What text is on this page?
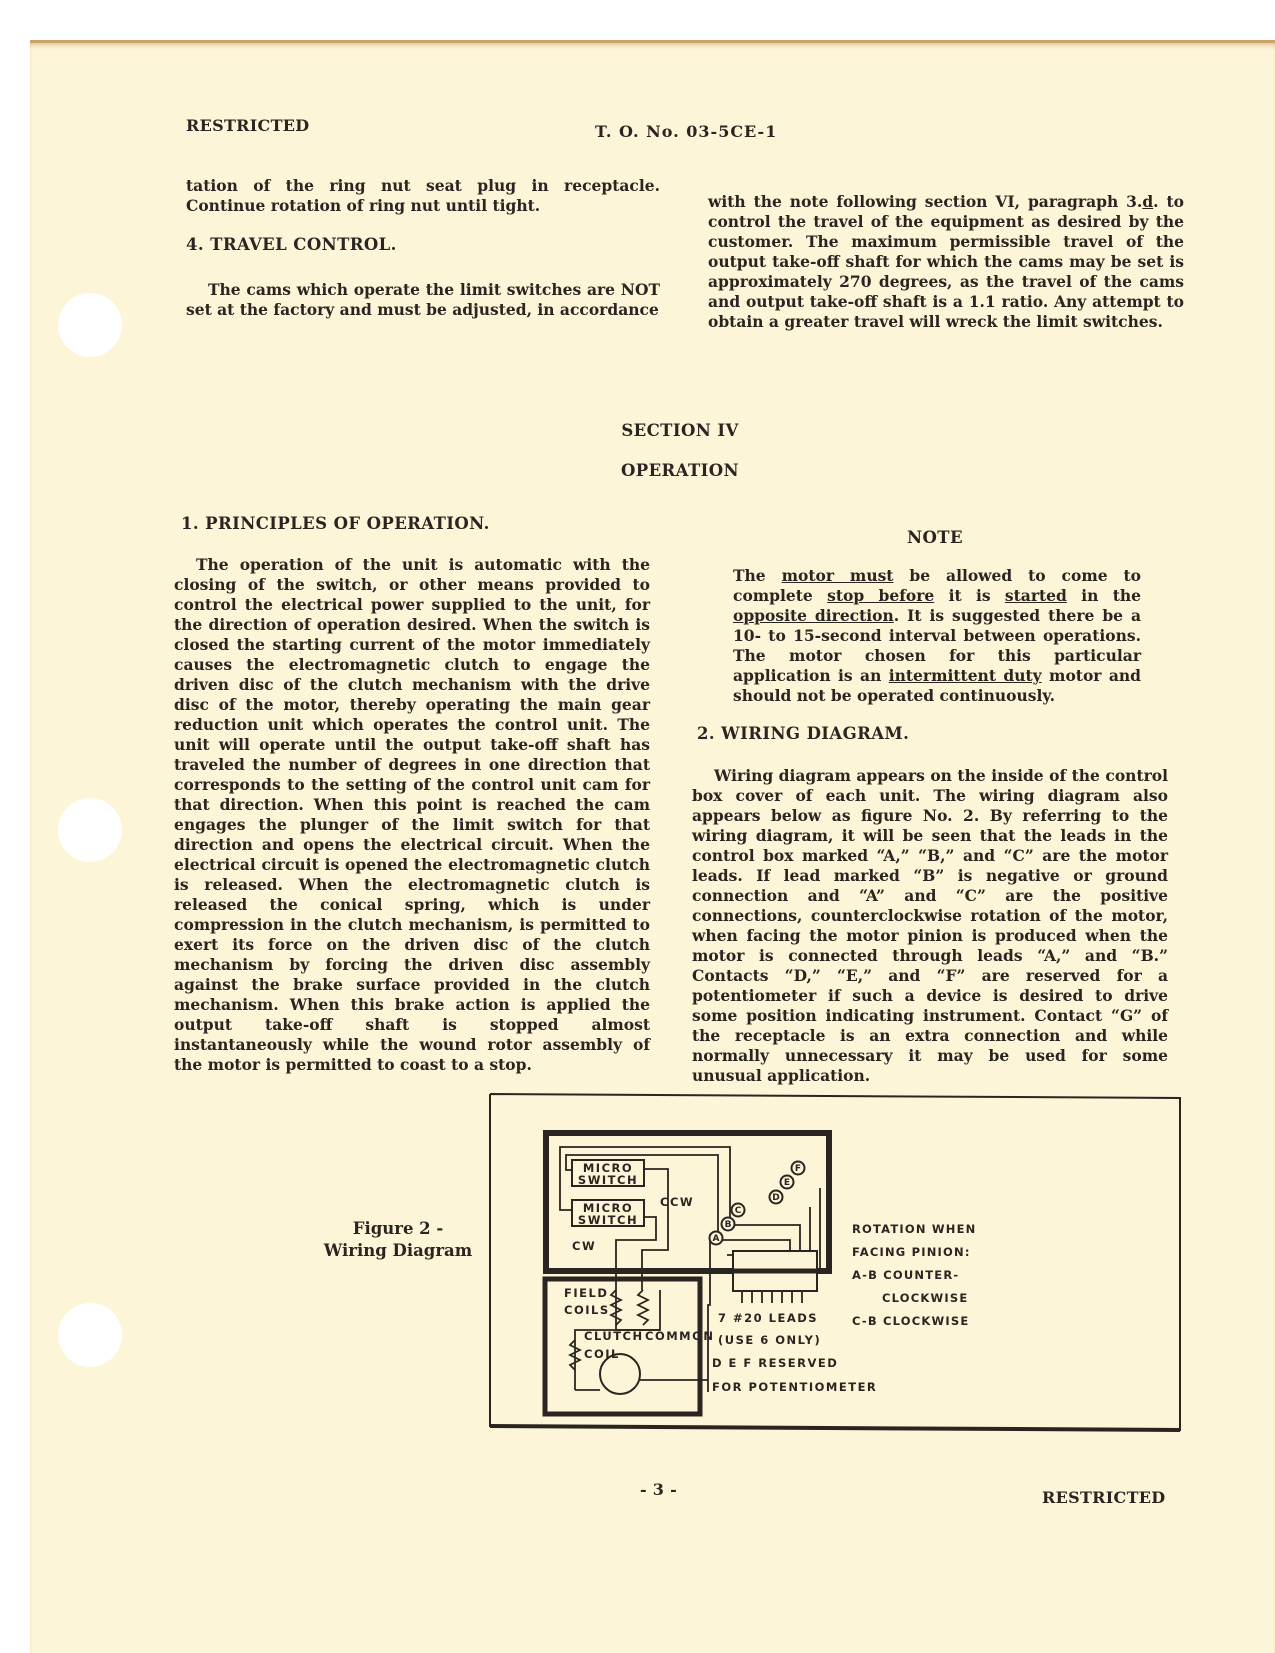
RESTRICTED	T. O. No. 03-5CE-1
tation of the ring nut seat plug in receptacle. Continue rotation of ring nut until tight.
4. TRAVEL CONTROL.
The cams which operate the limit switches are NOT set at the factory and must be adjusted, in accordance
with the note following section VI, paragraph 3.d. to control the travel of the equipment as desired by the customer. The maximum permissible travel of the output take-off shaft for which the cams may be set is approximately 270 degrees, as the travel of the cams and output take-off shaft is a 1.1 ratio. Any attempt to obtain a greater travel will wreck the limit switches.
SECTION IV
OPERATION
1. PRINCIPLES OF OPERATION.
The operation of the unit is automatic with the closing of the switch, or other means provided to control the electrical power supplied to the unit, for the direction of operation desired. When the switch is closed the starting current of the motor immediately causes the electromagnetic clutch to engage the driven disc of the clutch mechanism with the drive disc of the motor, thereby operating the main gear reduction unit which operates the control unit. The unit will operate until the output take-off shaft has traveled the number of degrees in one direction that corresponds to the setting of the control unit cam for that direction. When this point is reached the cam engages the plunger of the limit switch for that direction and opens the electrical circuit. When the electrical circuit is opened the electromagnetic clutch is released. When the electromagnetic clutch is released the conical spring, which is under compression in the clutch mechanism, is permitted to exert its force on the driven disc of the clutch mechanism by forcing the driven disc assembly against the brake surface provided in the clutch mechanism. When this brake action is applied the output take-off shaft is stopped almost instantaneously while the wound rotor assembly of the motor is permitted to coast to a stop.
NOTE
The motor must be allowed to come to complete stop before it is started in the opposite direction. It is suggested there be a 10- to 15-second interval between operations. The motor chosen for this particular application is an intermittent duty motor and should not be operated continuously.
2. WIRING DIAGRAM.
Wiring diagram appears on the inside of the control box cover of each unit. The wiring diagram also appears below as figure No. 2. By referring to the wiring diagram, it will be seen that the leads in the control box marked “A,” “B,” and “C” are the motor leads. If lead marked “B” is negative or ground connection and “A” and “C” are the positive connections, counterclockwise rotation of the motor, when facing the motor pinion is produced when the motor is connected through leads “A,” and “B.” Contacts “D,” “E,” and “F” are reserved for a potentiometer if such a device is desired to drive some position indicating instrument. Contact “G” of the receptacle is an extra connection and while normally unnecessary it may be used for some unusual application.
Figure 2 -
Wiring Diagram
MICRO
SWITCH
MICRO
SWITCH
CCW
CW	A
B
C
D
E
F
FIELD
COILS
CLUTCH
COIL
COMMON
7 #20 LEADS
(USE 6 ONLY)
D E F RESERVED
FOR POTENTIOMETER
ROTATION WHEN
FACING PINION:
A-B COUNTER-
CLOCKWISE
C-B CLOCKWISE
- 3 -	RESTRICTED
